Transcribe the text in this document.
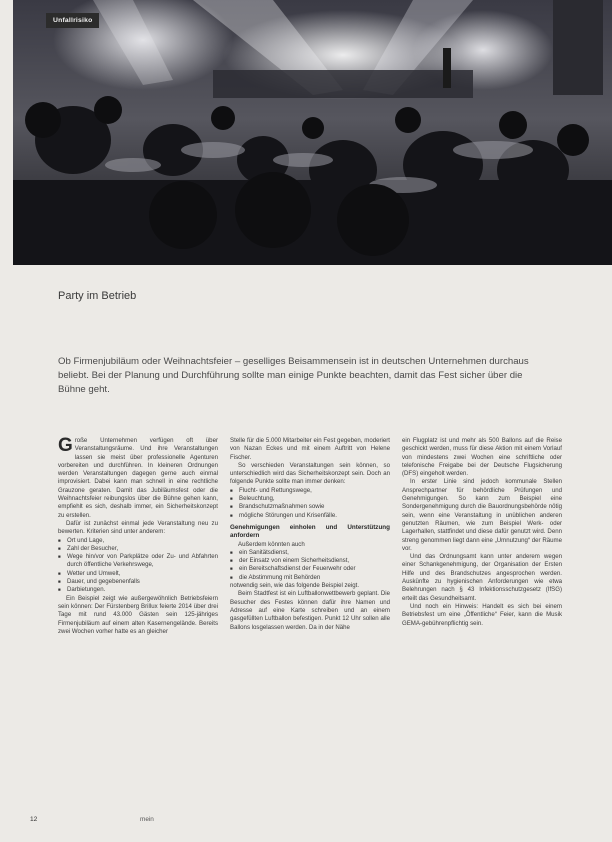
Unfallrisiko
Party im Betrieb
Ob Firmenjubiläum oder Weihnachtsfeier – geselliges Beisammensein ist in deutschen Unternehmen durchaus beliebt. Bei der Planung und Durchführung sollte man einige Punkte beachten, damit das Fest sicher über die Bühne geht.

Große Unternehmen verfügen oft über Veranstaltungsräume. Und ihre Veranstaltungen lassen sie meist über professionelle Agenturen vorbereiten und durchführen. In kleineren Ordnungen werden Veranstaltungen dagegen gerne auch einmal improvisiert. Dabei kann man schnell in eine rechtliche Grauzone geraten. Damit das Jubiläumsfest oder die Weihnachtsfeier reibungslos über die Bühne gehen kann, empfiehlt es sich, deshalb immer, ein Sicherheitskonzept zu erstellen.

Dafür ist zunächst einmal jede Veranstaltung neu zu bewerten. Kriterien sind unter anderem:

■ Ort und Lage,
■ Zahl der Besucher,
■ Wege hin/vor von Parkplätze oder Zu- und Abfahrten durch öffentliche Verkehrswege,
■ Wetter und Umwelt,
■ Dauer, und gegebenenfalls
■ Darbietungen.

Ein Beispiel zeigt wie außergewöhnlich Betriebsfeiern sein können: Der Fürstenberg Brillux feierte 2014 über drei Tage mit rund 43.000 Gästen sein 125-jähriges Firmenjubiläum auf einem alten Kasernengelände. Bereits zwei Wochen vorher hatte es an gleicher

Stelle für die 5.000 Mitarbeiter ein Fest gegeben, moderiert von Nazan Eckes und mit einem Auftritt von Helene Fischer.

So verschieden Veranstaltungen sein können, so unterschiedlich wird das Sicherheitskonzept sein. Doch an folgende Punkte sollte man immer denken:

■ Flucht- und Rettungswege,
■ Beleuchtung,
■ Brandschutzmaßnahmen sowie
■ mögliche Störungen und Krisenfälle.
Genehmigungen einholen und Unterstützung anfordern

Außerdem könnten auch

■ ein Sanitätsdienst,
■ der Einsatz von einem Sicherheitsdienst,
■ ein Bereitschaftsdienst der Feuerwehr oder
■ die Abstimmung mit Behörden

notwendig sein, wie das folgende Beispiel zeigt.

Beim Stadtfest ist ein Luftballonwettbewerb geplant. Die Besucher des Festes können dafür ihre Namen und Adresse auf eine Karte schreiben und an einem gasgefüllten Luftballon befestigen. Punkt 12 Uhr sollen alle Ballons losgelassen werden. Da in der Nähe

ein Flugplatz ist und mehr als 500 Ballons auf die Reise geschickt werden, muss für diese Aktion mit einem Vorlauf von mindestens zwei Wochen eine schriftliche oder telefonische Freigabe bei der Deutsche Flugsicherung (DFS) eingeholt werden.

In erster Linie sind jedoch kommunale Stellen Ansprechpartner für behördliche Prüfungen und Genehmigungen. So kann zum Beispiel eine Sondergenehmigung durch die Bauordnungsbehörde nötig sein, wenn eine Veranstaltung in unüblichen anderen genutzten Räumen, wie zum Beispiel Werk- oder Lagerhallen, stattfindet und diese dafür genutzt wird. Denn streng genommen liegt dann eine „Umnutzung“ der Räume vor.

Und das Ordnungsamt kann unter anderem wegen einer Schankgenehmigung, der Organisation der Ersten Hilfe und des Brandschutzes angesprochen werden. Auskünfte zu hygienischen Anforderungen wie etwa Belehrungen nach § 43 Infektionsschutzgesetz (IfSG) erteilt das Gesundheitsamt.

Und noch ein Hinweis: Handelt es sich bei einem Betriebsfest um eine „Öffentliche“ Feier, kann die Musik GEMA-gebührenpflichtig sein.

12	mein
